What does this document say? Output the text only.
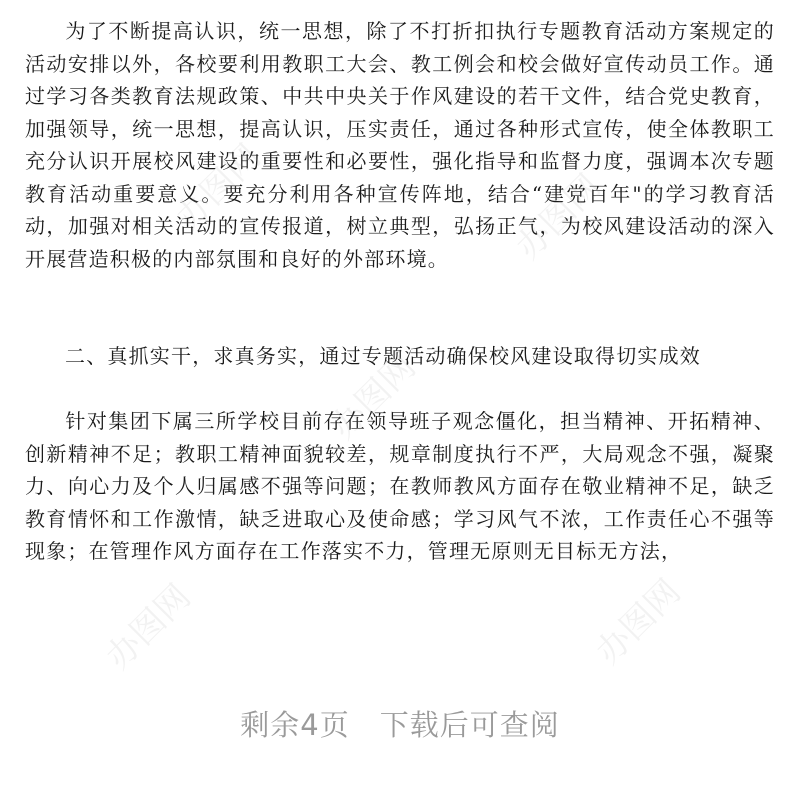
为了不断提高认识，统一思想，除了不打折扣执行专题教育活动方案规定的活动安排以外，各校要利用教职工大会、教工例会和校会做好宣传动员工作。通过学习各类教育法规政策、中共中央关于作风建设的若干文件，结合党史教育，加强领导，统一思想，提高认识，压实责任，通过各种形式宣传，使全体教职工充分认识开展校风建设的重要性和必要性，强化指导和监督力度，强调本次专题教育活动重要意义。要充分利用各种宣传阵地，结合“建党百年"的学习教育活动，加强对相关活动的宣传报道，树立典型，弘扬正气，为校风建设活动的深入开展营造积极的内部氛围和良好的外部环境。

二、真抓实干，求真务实，通过专题活动确保校风建设取得切实成效

针对集团下属三所学校目前存在领导班子观念僵化，担当精神、开拓精神、创新精神不足；教职工精神面貌较差，规章制度执行不严，大局观念不强，凝聚力、向心力及个人归属感不强等问题；在教师教风方面存在敬业精神不足，缺乏教育情怀和工作激情，缺乏进取心及使命感；学习风气不浓，工作责任心不强等现象；在管理作风方面存在工作落实不力，管理无原则无目标无方法，

剩余4页 下载后可查阅
办图网	办图网
办图网
办图网	办图网
